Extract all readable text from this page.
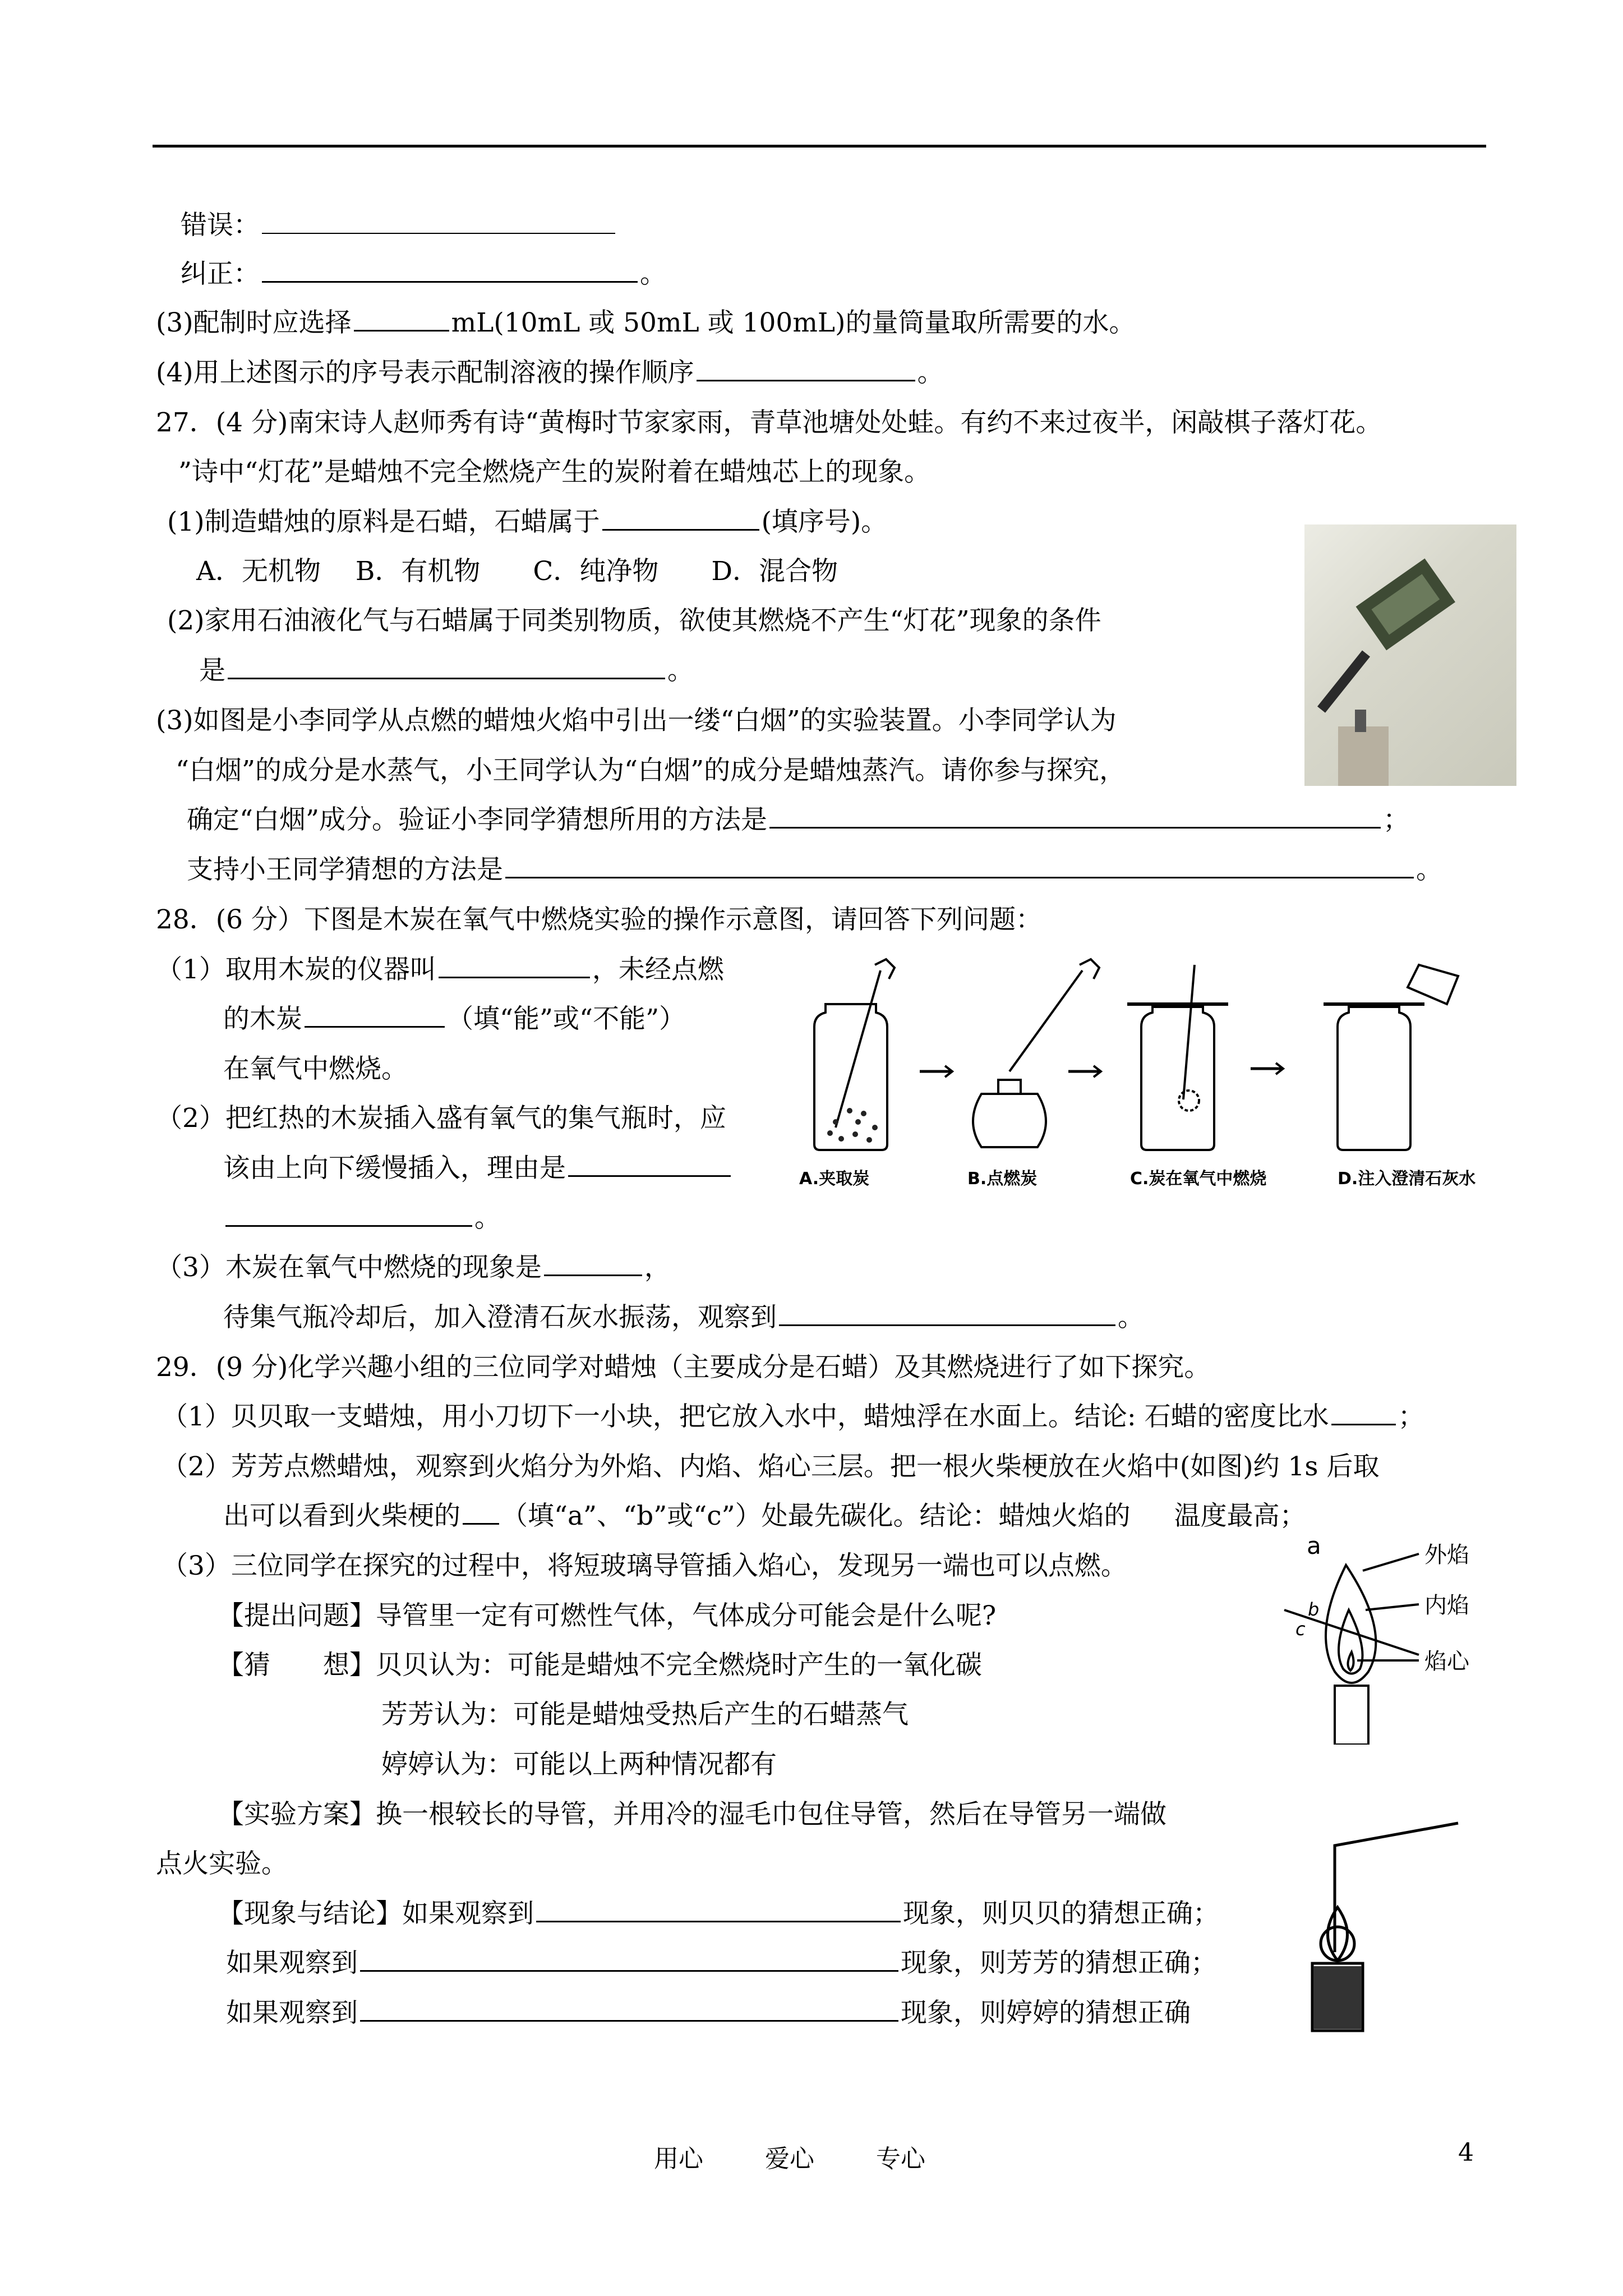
错误：
纠正：	。
(3)配制时应选择	mL(10mL 或 50mL 或 100mL)的量筒量取所需要的水。
(4)用上述图示的序号表示配制溶液的操作顺序	。
27．(4 分)南宋诗人赵师秀有诗“黄梅时节家家雨，青草池塘处处蛙。有约不来过夜半，闲敲棋子落灯花。
”诗中“灯花”是蜡烛不完全燃烧产生的炭附着在蜡烛芯上的现象。
(1)制造蜡烛的原料是石蜡，石蜡属于	(填序号)。
A．无机物　 B．有机物　　C．纯净物　　D．混合物
(2)家用石油液化气与石蜡属于同类别物质，欲使其燃烧不产生“灯花”现象的条件
是	。
(3)如图是小李同学从点燃的蜡烛火焰中引出一缕“白烟”的实验装置。小李同学认为
“白烟”的成分是水蒸气，小王同学认为“白烟”的成分是蜡烛蒸汽。请你参与探究，
确定“白烟”成分。验证小李同学猜想所用的方法是	；
支持小王同学猜想的方法是	。
28．(6 分）下图是木炭在氧气中燃烧实验的操作示意图，请回答下列问题：
（1）取用木炭的仪器叫	，未经点燃
的木炭	（填“能”或“不能”）
在氧气中燃烧。
（2）把红热的木炭插入盛有氧气的集气瓶时，应
该由上向下缓慢插入，理由是
。
（3）木炭在氧气中燃烧的现象是	，
待集气瓶冷却后，加入澄清石灰水振荡，观察到	。
A.夹取炭	B.点燃炭	C.炭在氧气中燃烧	D.注入澄清石灰水
29．(9 分)化学兴趣小组的三位同学对蜡烛（主要成分是石蜡）及其燃烧进行了如下探究。
（1）贝贝取一支蜡烛，用小刀切下一小块，把它放入水中，蜡烛浮在水面上。结论: 石蜡的密度比水	；
（2）芳芳点燃蜡烛，观察到火焰分为外焰、内焰、焰心三层。把一根火柴梗放在火焰中(如图)约 1s 后取
出可以看到火柴梗的 （填“a”、“b”或“c”）处最先碳化。结论：蜡烛火焰的 温度最高；
（3）三位同学在探究的过程中，将短玻璃导管插入焰心，发现另一端也可以点燃。
【提出问题】导管里一定有可燃性气体，气体成分可能会是什么呢?
【猜　　想】贝贝认为：可能是蜡烛不完全燃烧时产生的一氧化碳
芳芳认为：可能是蜡烛受热后产生的石蜡蒸气
婷婷认为：可能以上两种情况都有
【实验方案】换一根较长的导管，并用冷的湿毛巾包住导管，然后在导管另一端做
点火实验。
【现象与结论】如果观察到	现象，则贝贝的猜想正确；
如果观察到	现象，则芳芳的猜想正确；
如果观察到	现象，则婷婷的猜想正确
a
b
c
外焰
内焰
焰心
用心	爱心	专心	4
